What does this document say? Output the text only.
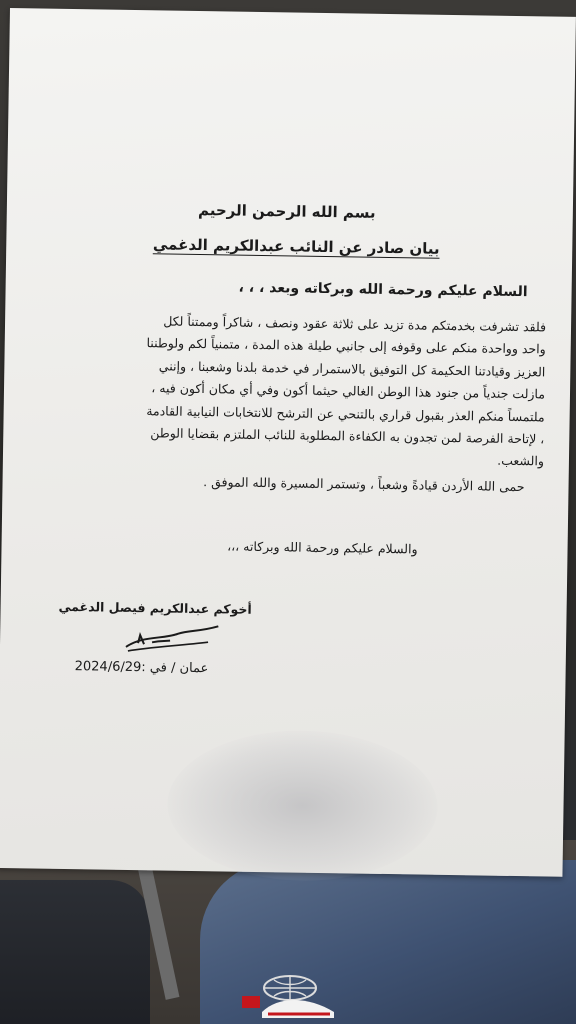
بسم الله الرحمن الرحيم
بيان صادر عن النائب عبدالكريم الدغمي
السلام عليكم ورحمة الله وبركاته وبعد ، ، ،

فلقد تشرفت بخدمتكم مدة تزيد على ثلاثة عقود ونصف ، شاكراً وممتناً لكل

واحد وواحدة منكم على وقوفه إلى جانبي طيلة هذه المدة ، متمنياً لكم ولوطننا

العزيز وقيادتنا الحكيمة كل التوفيق بالاستمرار في خدمة بلدنا وشعبنا ، وإنني

مازلت جندياً من جنود هذا الوطن الغالي حيثما أكون وفي أي مكان أكون فيه ،

ملتمساً منكم العذر بقبول قراري بالتنحي عن الترشح للانتخابات النيابية القادمة

، لإتاحة الفرصة لمن تجدون به الكفاءة المطلوبة للنائب الملتزم بقضايا الوطن

والشعب.

حمى الله الأردن قيادةً وشعباً ، وتستمر المسيرة والله الموفق .
والسلام عليكم ورحمة الله وبركاته ،،،
أخوكم عبدالكريم فيصل الدغمي
عمان / في :2024/6/29
